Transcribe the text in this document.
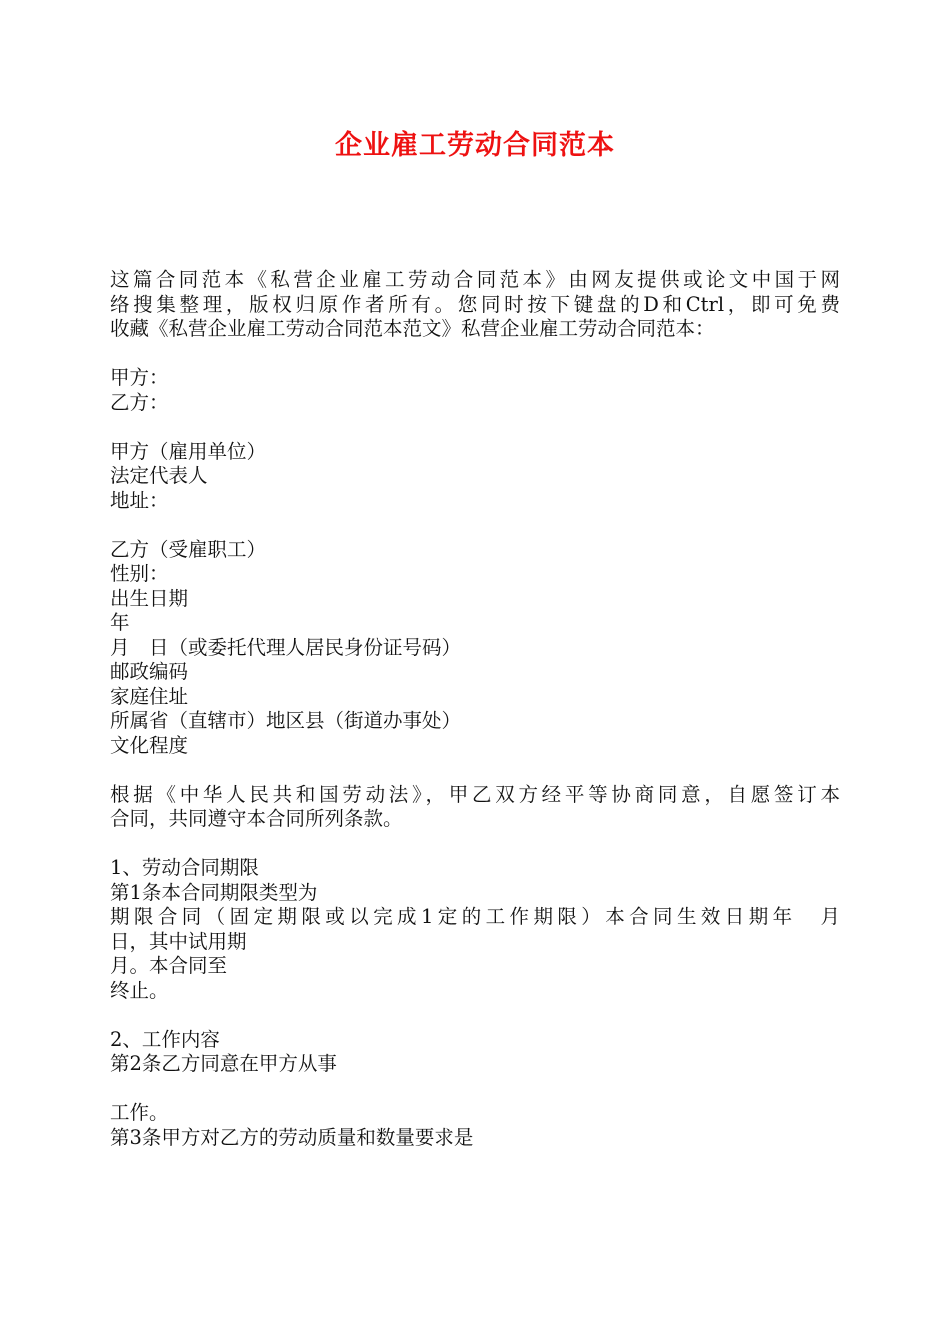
企业雇工劳动合同范本
这篇合同范本《私营企业雇工劳动合同范本》由网友提供或论文中国于网
络搜集整理，版权归原作者所有。您同时按下键盘的D和Ctrl，即可免费
收藏《私营企业雇工劳动合同范本范文》私营企业雇工劳动合同范本：
甲方：
乙方：
甲方（雇用单位）
法定代表人
地址：
乙方（受雇职工）
性别：
出生日期
年
月　日（或委托代理人居民身份证号码）
邮政编码
家庭住址
所属省（直辖市）地区县（街道办事处）
文化程度
根据《中华人民共和国劳动法》，甲乙双方经平等协商同意，自愿签订本
合同，共同遵守本合同所列条款。
1、劳动合同期限
第1条本合同期限类型为
期限合同（固定期限或以完成1定的工作期限）本合同生效日期年　月
日，其中试用期
月。本合同至
终止。
2、工作内容
第2条乙方同意在甲方从事
工作。
第3条甲方对乙方的劳动质量和数量要求是
